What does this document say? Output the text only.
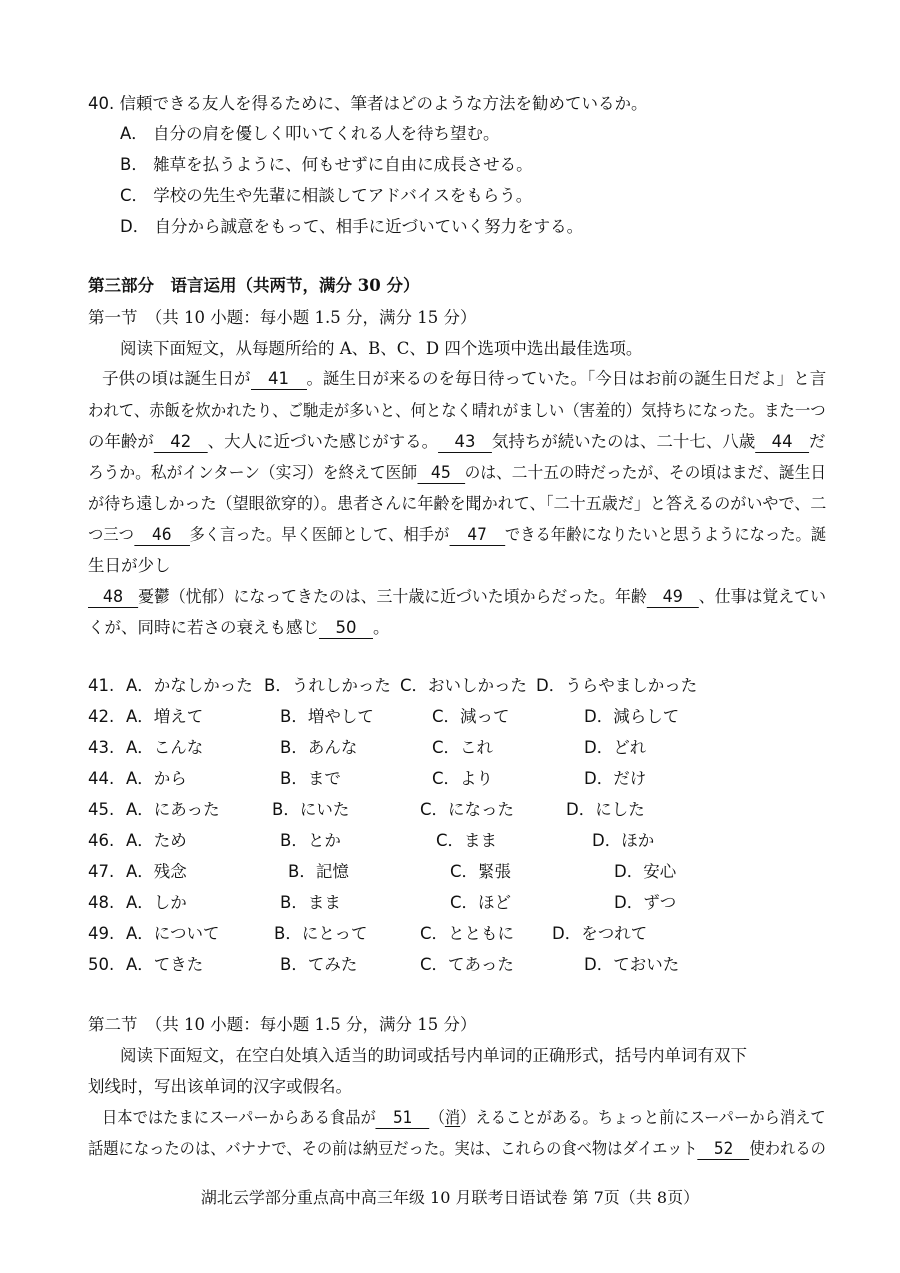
40. 信頼できる友人を得るために、筆者はどのような方法を勧めているか。
A． 自分の肩を優しく叩いてくれる人を待ち望む。
B． 雑草を払うように、何もせずに自由に成長させる。
C． 学校の先生や先輩に相談してアドバイスをもらう。
D． 自分から誠意をもって、相手に近づいていく努力をする。
第三部分　语言运用（共两节，满分 30 分）
第一节　（共 10 小题：每小题 1.5 分，满分 15 分）
阅读下面短文，从每题所给的 A、B、C、D 四个选项中选出最佳选项。
子供の頃は誕生日が 41 。誕生日が来るのを毎日待っていた。「今日はお前の誕生日だよ」と言
われて、赤飯を炊かれたり、ご馳走が多いと、何となく晴れがましい（害羞的）気持ちになった。また一つ
の年齢が 42 、大人に近づいた感じがする。 43 気持ちが続いたのは、二十七、八歳 44 だ
ろうか。私がインターン（实习）を終えて医師 45 のは、二十五の時だったが、その頃はまだ、誕生日
が待ち遠しかった（望眼欲穿的）。患者さんに年齢を聞かれて、「二十五歳だ」と答えるのがいやで、二
つ三つ 46 多く言った。早く医師として、相手が 47 できる年齢になりたいと思うようになった。誕
生日が少し
48 憂鬱（忧郁）になってきたのは、三十歳に近づいた頃からだった。年齢 49 、仕事は覚えてい
くが、同時に若さの衰えも感じ 50 。
41. A．かなしかった B．うれしかった C．おいしかった D．うらやましかった
42. A．増えて	B．増やして	C．減って	D．減らして
43. A．こんな	B．あんな	C．これ	D．どれ
44. A．から	B．まで	C．より	D．だけ
45. A．にあった	B．にいた	C．になった	D．にした
46. A．ため	B．とか	C．まま	D．ほか
47. A．残念	B．記憶	C．緊張	D．安心
48. A．しか	B．まま	C．ほど	D．ずつ
49. A．について	B．にとって	C．とともに D．をつれて
50. A．てきた	B．てみた	C．てあった	D．ておいた
第二节　（共 10 小题：每小题 1.5 分，满分 15 分）
阅读下面短文，在空白处填入适当的助词或括号内单词的正确形式，括号内单词有双下
划线时，写出该单词的汉字或假名。
日本ではたまにスーパーからある食品が 51 （消）えることがある。ちょっと前にスーパーから消えて
話題になったのは、バナナで、その前は納豆だった。実は、これらの食べ物はダイエット 52 使われるの
湖北云学部分重点高中高三年级 10 月联考日语试卷 第 7页（共 8页）
